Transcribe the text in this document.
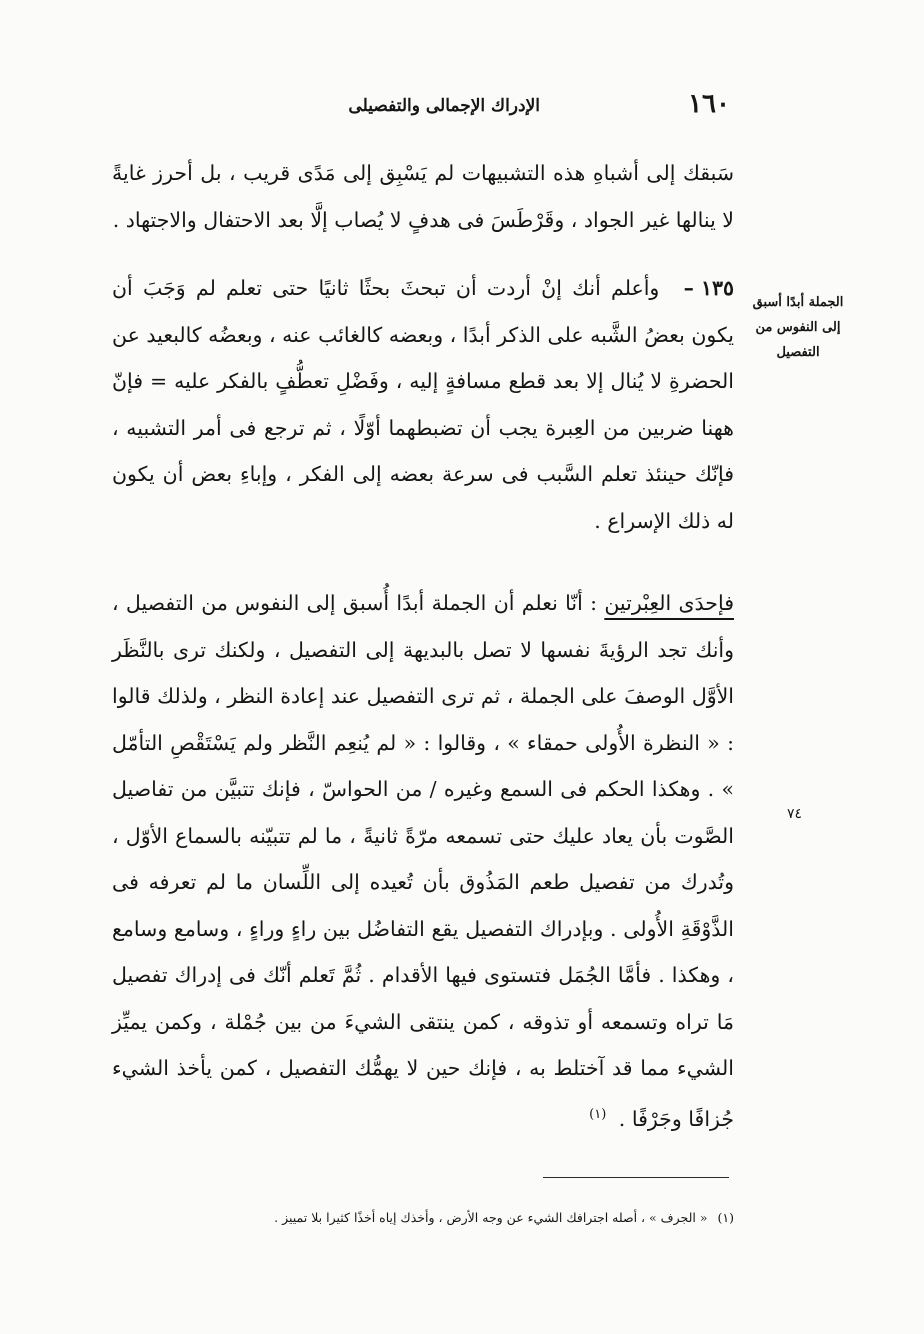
١٦٠
الإدراك الإجمالى والتفصيلى
الجملة أبدًا أسبق
إلى النفوس من
التفصيل
٧٤

سَبقك إلى أشباهِ هذه التشبيهات لم يَسْبِق إلى مَدًى قريب ، بل أحرز غايةً لا ينالها غير الجواد ، وقَرْطَسَ فى هدفٍ لا يُصاب إلَّا بعد الاحتفال والاجتهاد .

١٣٥ – وأعلم أنك إنْ أردت أن تبحثَ بحثًا ثانيًا حتى تعلم لم وَجَبَ أن يكون بعضُ الشَّبه على الذكر أبدًا ، وبعضه كالغائب عنه ، وبعضُه كالبعيد عن الحضرةِ لا يُنال إلا بعد قطع مسافةٍ إليه ، وفَضْلِ تعطُّفٍ بالفكر عليه = فإنّ ههنا ضربين من العِبرة يجب أن تضبطهما أوّلًا ، ثم ترجع فى أمر التشبيه ، فإنّك حينئذ تعلم السَّبب فى سرعة بعضه إلى الفكر ، وإباءِ بعض أن يكون له ذلك الإسراع .

فإحدَى العِبْرتين : أنّا نعلم أن الجملة أبدًا أُسبق إلى النفوس من التفصيل ، وأنك تجد الرؤيةَ نفسها لا تصل بالبديهة إلى التفصيل ، ولكنك ترى بالنَّظَر الأوَّل الوصفَ على الجملة ، ثم ترى التفصيل عند إعادة النظر ، ولذلك قالوا : « النظرة الأُولى حمقاء » ، وقالوا : « لم يُنعِم النَّظر ولم يَسْتَقْصِ التأمّل » . وهكذا الحكم فى السمع وغيره / من الحواسّ ، فإنك تتبيَّن من تفاصيل الصَّوت بأن يعاد عليك حتى تسمعه مرّةً ثانيةً ، ما لم تتبيّنه بالسماع الأوّل ، وتُدرك من تفصيل طعم المَذُوق بأن تُعيده إلى اللِّسان ما لم تعرفه فى الذَّوْقَةِ الأُولى . وبإدراك التفصيل يقع التفاضُل بين راءٍ وراءٍ ، وسامع وسامع ، وهكذا . فأمَّا الجُمَل فتستوى فيها الأقدام . ثُمَّ تَعلم أنّك فى إدراك تفصيل مَا تراه وتسمعه أو تذوقه ، كمن ينتقى الشيءَ من بين جُمْلة ، وكمن يميِّز الشيء مما قد آختلط به ، فإنك حين لا يهمُّك التفصيل ، كمن يأخذ الشيء جُزافًا وجَرْفًا . $^{(١)}$

(١) « الجرف » ، أصله اجترافك الشيء عن وجه الأرض ، وأخذك إياه أخذًا كثيرا بلا تمييز .
